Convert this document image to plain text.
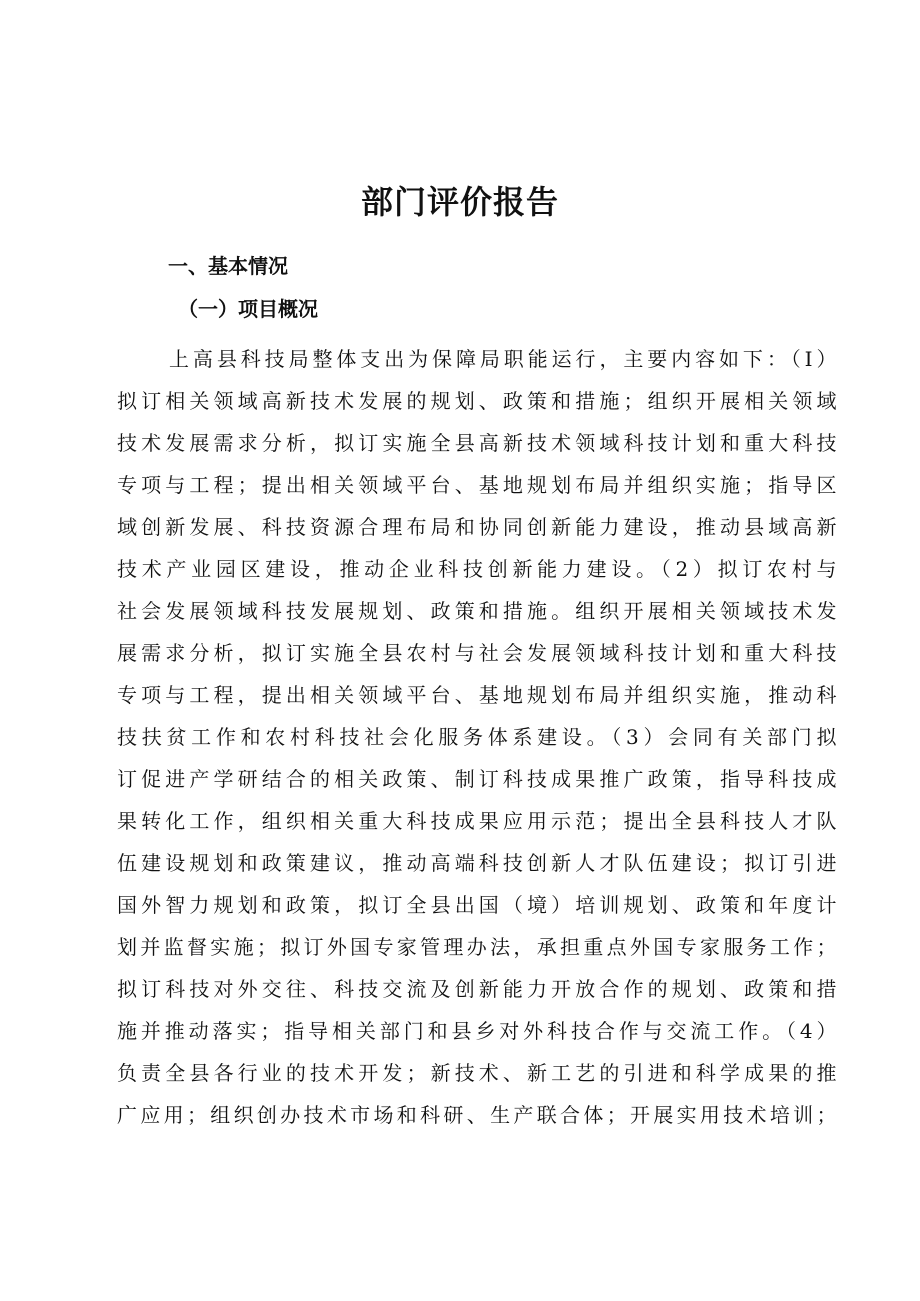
部门评价报告
一、基本情况
（一）项目概况
上高县科技局整体支出为保障局职能运行，主要内容如下：（I）
拟订相关领域高新技术发展的规划、政策和措施；组织开展相关领域
技术发展需求分析，拟订实施全县高新技术领域科技计划和重大科技
专项与工程；提出相关领域平台、基地规划布局并组织实施；指导区
域创新发展、科技资源合理布局和协同创新能力建设，推动县域高新
技术产业园区建设，推动企业科技创新能力建设。（2）拟订农村与
社会发展领域科技发展规划、政策和措施。组织开展相关领域技术发
展需求分析，拟订实施全县农村与社会发展领域科技计划和重大科技
专项与工程，提出相关领域平台、基地规划布局并组织实施，推动科
技扶贫工作和农村科技社会化服务体系建设。（3）会同有关部门拟
订促进产学研结合的相关政策、制订科技成果推广政策，指导科技成
果转化工作，组织相关重大科技成果应用示范；提出全县科技人才队
伍建设规划和政策建议，推动高端科技创新人才队伍建设；拟订引进
国外智力规划和政策，拟订全县出国（境）培训规划、政策和年度计
划并监督实施；拟订外国专家管理办法，承担重点外国专家服务工作；
拟订科技对外交往、科技交流及创新能力开放合作的规划、政策和措
施并推动落实；指导相关部门和县乡对外科技合作与交流工作。（4）
负责全县各行业的技术开发；新技术、新工艺的引进和科学成果的推
广应用；组织创办技术市场和科研、生产联合体；开展实用技术培训；
